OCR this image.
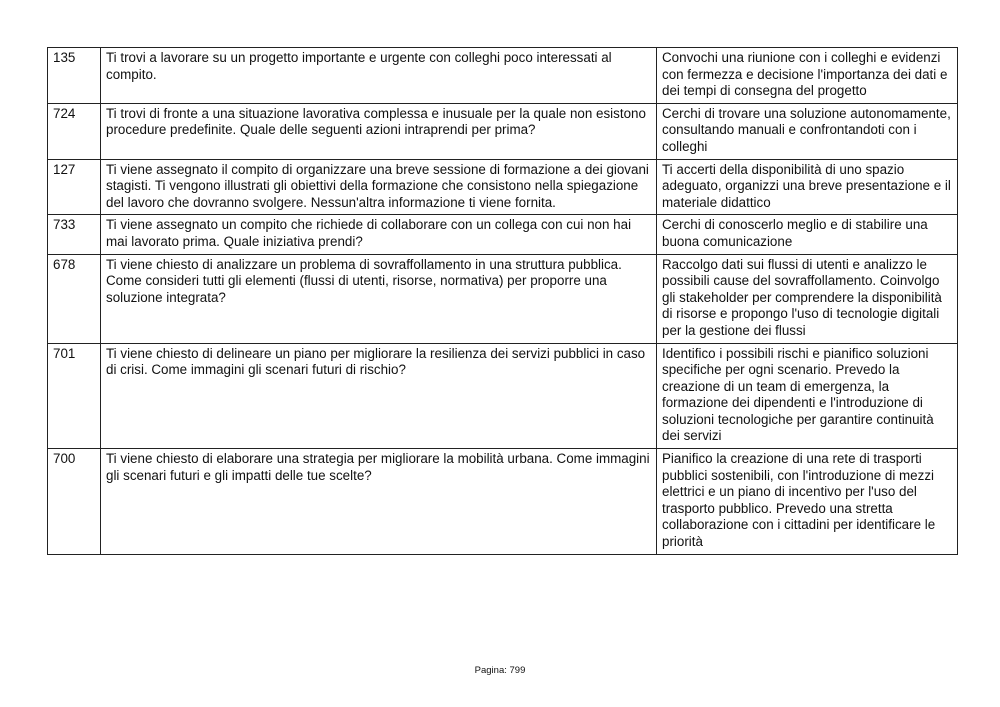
135	Ti trovi a lavorare su un progetto importante e urgente con colleghi poco interessati al compito.	Convochi una riunione con i colleghi e evidenzi con fermezza e decisione l'importanza dei dati e dei tempi di consegna del progetto
724	Ti trovi di fronte a una situazione lavorativa complessa e inusuale per la quale non esistono procedure predefinite. Quale delle seguenti azioni intraprendi per prima?	Cerchi di trovare una soluzione autonomamente, consultando manuali e confrontandoti con i colleghi
127	Ti viene assegnato il compito di organizzare una breve sessione di formazione a dei giovani stagisti. Ti vengono illustrati gli obiettivi della formazione che consistono nella spiegazione del lavoro che dovranno svolgere. Nessun'altra informazione ti viene fornita.	Ti accerti della disponibilità di uno spazio adeguato, organizzi una breve presentazione e il materiale didattico
733	Ti viene assegnato un compito che richiede di collaborare con un collega con cui non hai mai lavorato prima. Quale iniziativa prendi?	Cerchi di conoscerlo meglio e di stabilire una buona comunicazione
678	Ti viene chiesto di analizzare un problema di sovraffollamento in una struttura pubblica. Come consideri tutti gli elementi (flussi di utenti, risorse, normativa) per proporre una soluzione integrata?	Raccolgo dati sui flussi di utenti e analizzo le possibili cause del sovraffollamento. Coinvolgo gli stakeholder per comprendere la disponibilità di risorse e propongo l'uso di tecnologie digitali per la gestione dei flussi
701	Ti viene chiesto di delineare un piano per migliorare la resilienza dei servizi pubblici in caso di crisi. Come immagini gli scenari futuri di rischio?	Identifico i possibili rischi e pianifico soluzioni specifiche per ogni scenario. Prevedo la creazione di un team di emergenza, la formazione dei dipendenti e l'introduzione di soluzioni tecnologiche per garantire continuità dei servizi
700	Ti viene chiesto di elaborare una strategia per migliorare la mobilità urbana. Come immagini gli scenari futuri e gli impatti delle tue scelte?	Pianifico la creazione di una rete di trasporti pubblici sostenibili, con l'introduzione di mezzi elettrici e un piano di incentivo per l'uso del trasporto pubblico. Prevedo una stretta collaborazione con i cittadini per identificare le priorità
Pagina: 799
